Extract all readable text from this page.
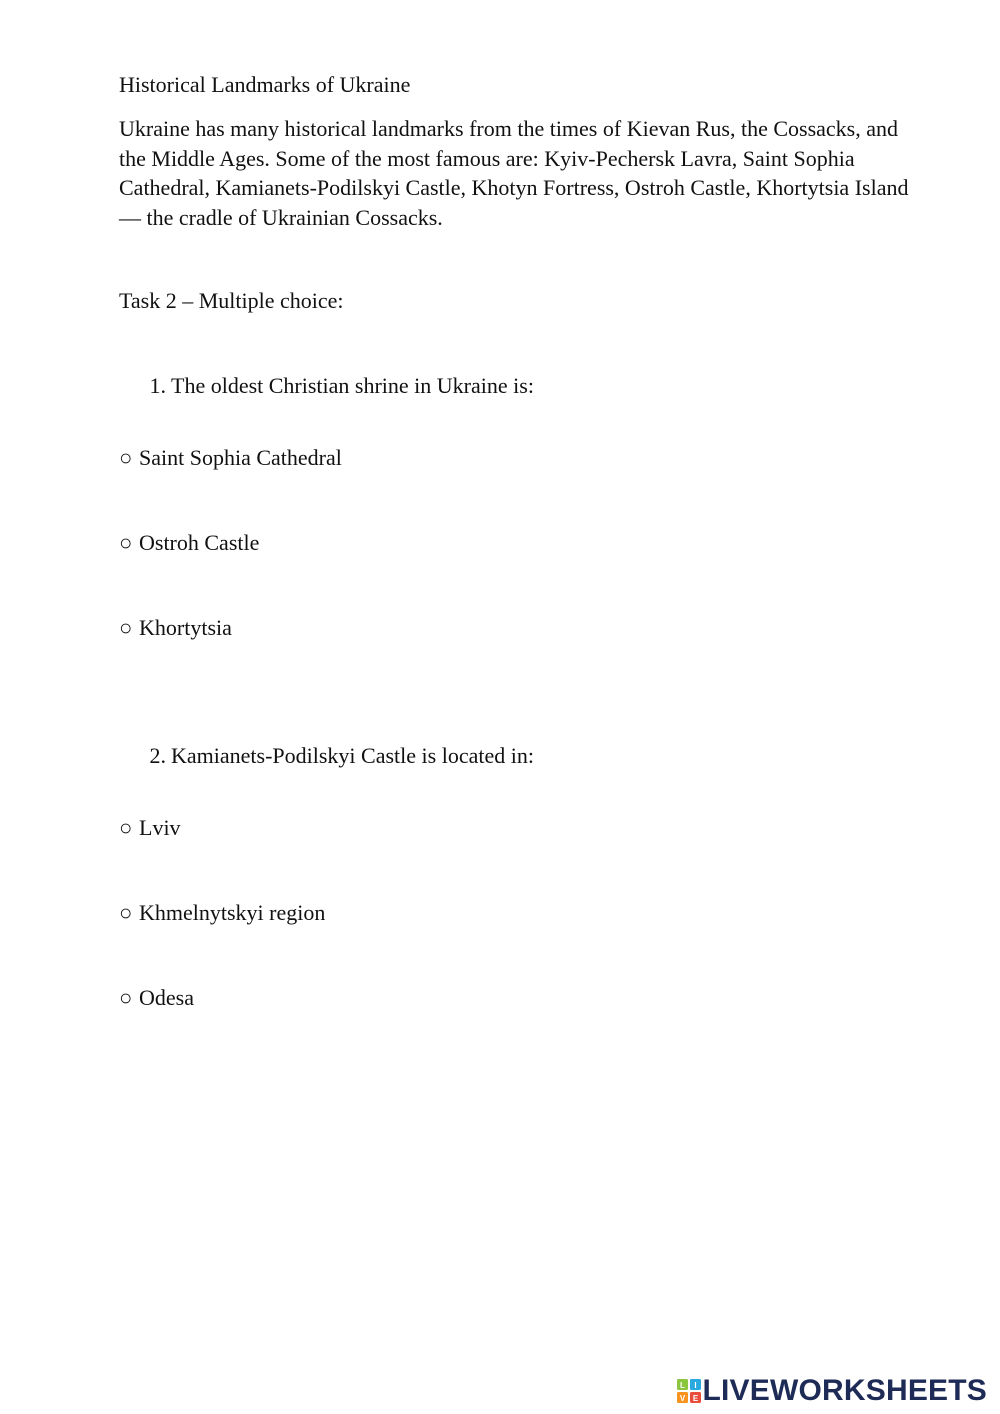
Historical Landmarks of Ukraine
Ukraine has many historical landmarks from the times of Kievan Rus, the Cossacks, and the Middle Ages. Some of the most famous are: Kyiv-Pechersk Lavra, Saint Sophia Cathedral, Kamianets-Podilskyi Castle, Khotyn Fortress, Ostroh Castle, Khortytsia Island — the cradle of Ukrainian Cossacks.
Task 2 – Multiple choice:
1. The oldest Christian shrine in Ukraine is:
○ Saint Sophia Cathedral
○ Ostroh Castle
○ Khortytsia
2. Kamianets-Podilskyi Castle is located in:
○ Lviv
○ Khmelnytskyi region
○ Odesa
L I
V E LIVEWORKSHEETS
